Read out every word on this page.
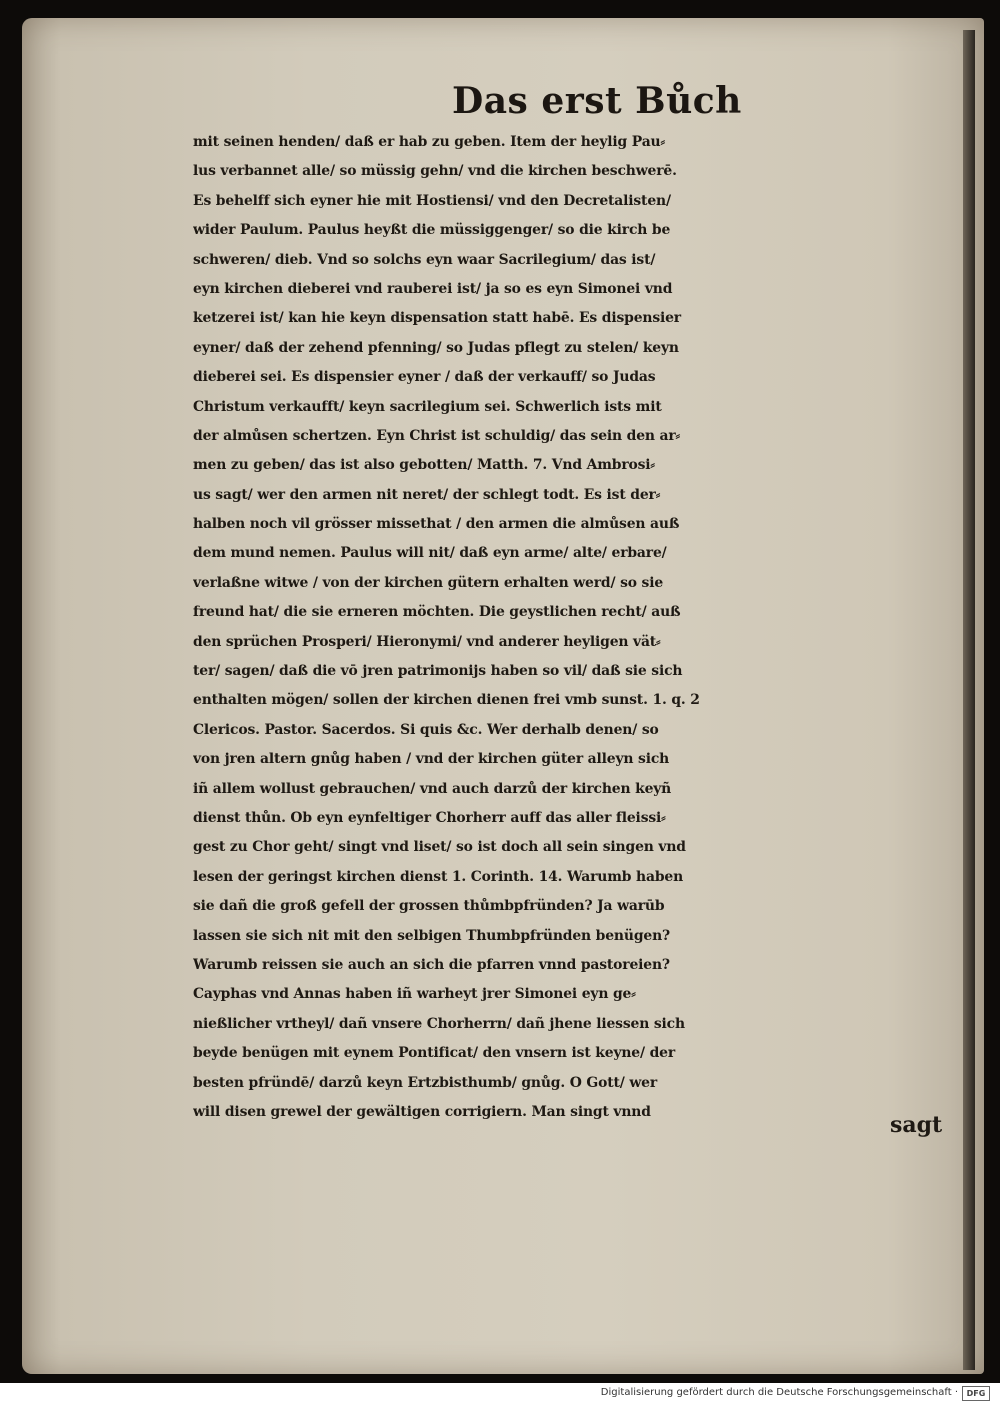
Das erst Bůch
mit seinen henden/ daß er hab zu geben. Item der heylig Pau⸗
lus verbannet alle/ so müssig gehn/ vnd die kirchen beschwerē.
Es behelff sich eyner hie mit Hostiensi/ vnd den Decretalisten/
wider Paulum. Paulus heyßt die müssiggenger/ so die kirch be
schweren/ dieb. Vnd so solchs eyn waar Sacrilegium/ das ist/
eyn kirchen dieberei vnd rauberei ist/ ja so es eyn Simonei vnd
ketzerei ist/ kan hie keyn dispensation statt habē. Es dispensier
eyner/ daß der zehend pfenning/ so Judas pflegt zu stelen/ keyn
dieberei sei. Es dispensier eyner / daß der verkauff/ so Judas
Christum verkaufft/ keyn sacrilegium sei. Schwerlich ists mit
der almůsen schertzen. Eyn Christ ist schuldig/ das sein den ar⸗
men zu geben/ das ist also gebotten/ Matth. 7. Vnd Ambrosi⸗
us sagt/ wer den armen nit neret/ der schlegt todt. Es ist der⸗
halben noch vil grösser missethat / den armen die almůsen auß
dem mund nemen. Paulus will nit/ daß eyn arme/ alte/ erbare/
verlaßne witwe / von der kirchen gütern erhalten werd/ so sie
freund hat/ die sie erneren möchten. Die geystlichen recht/ auß
den sprüchen Prosperi/ Hieronymi/ vnd anderer heyligen vät⸗
ter/ sagen/ daß die vō jren patrimonijs haben so vil/ daß sie sich
enthalten mögen/ sollen der kirchen dienen frei vmb sunst. 1. q. 2
Clericos. Pastor. Sacerdos. Si quis &c. Wer derhalb denen/ so
von jren altern gnůg haben / vnd der kirchen güter alleyn sich
iñ allem wollust gebrauchen/ vnd auch darzů der kirchen keyñ
dienst thůn. Ob eyn eynfeltiger Chorherr auff das aller fleissi⸗
gest zu Chor geht/ singt vnd liset/ so ist doch all sein singen vnd
lesen der geringst kirchen dienst 1. Corinth. 14. Warumb haben
sie dañ die groß gefell der grossen thůmbpfründen? Ja warūb
lassen sie sich nit mit den selbigen Thumbpfründen benügen?
Warumb reissen sie auch an sich die pfarren vnnd pastoreien?
Cayphas vnd Annas haben iñ warheyt jrer Simonei eyn ge⸗
nießlicher vrtheyl/ dañ vnsere Chorherrn/ dañ jhene liessen sich
beyde benügen mit eynem Pontificat/ den vnsern ist keyne/ der
besten pfründē/ darzů keyn Ertzbisthumb/ gnůg. O Gott/ wer
will disen grewel der gewältigen corrigiern. Man singt vnnd
sagt
Digitalisierung gefördert durch die Deutsche Forschungsgemeinschaft ·	DFG
